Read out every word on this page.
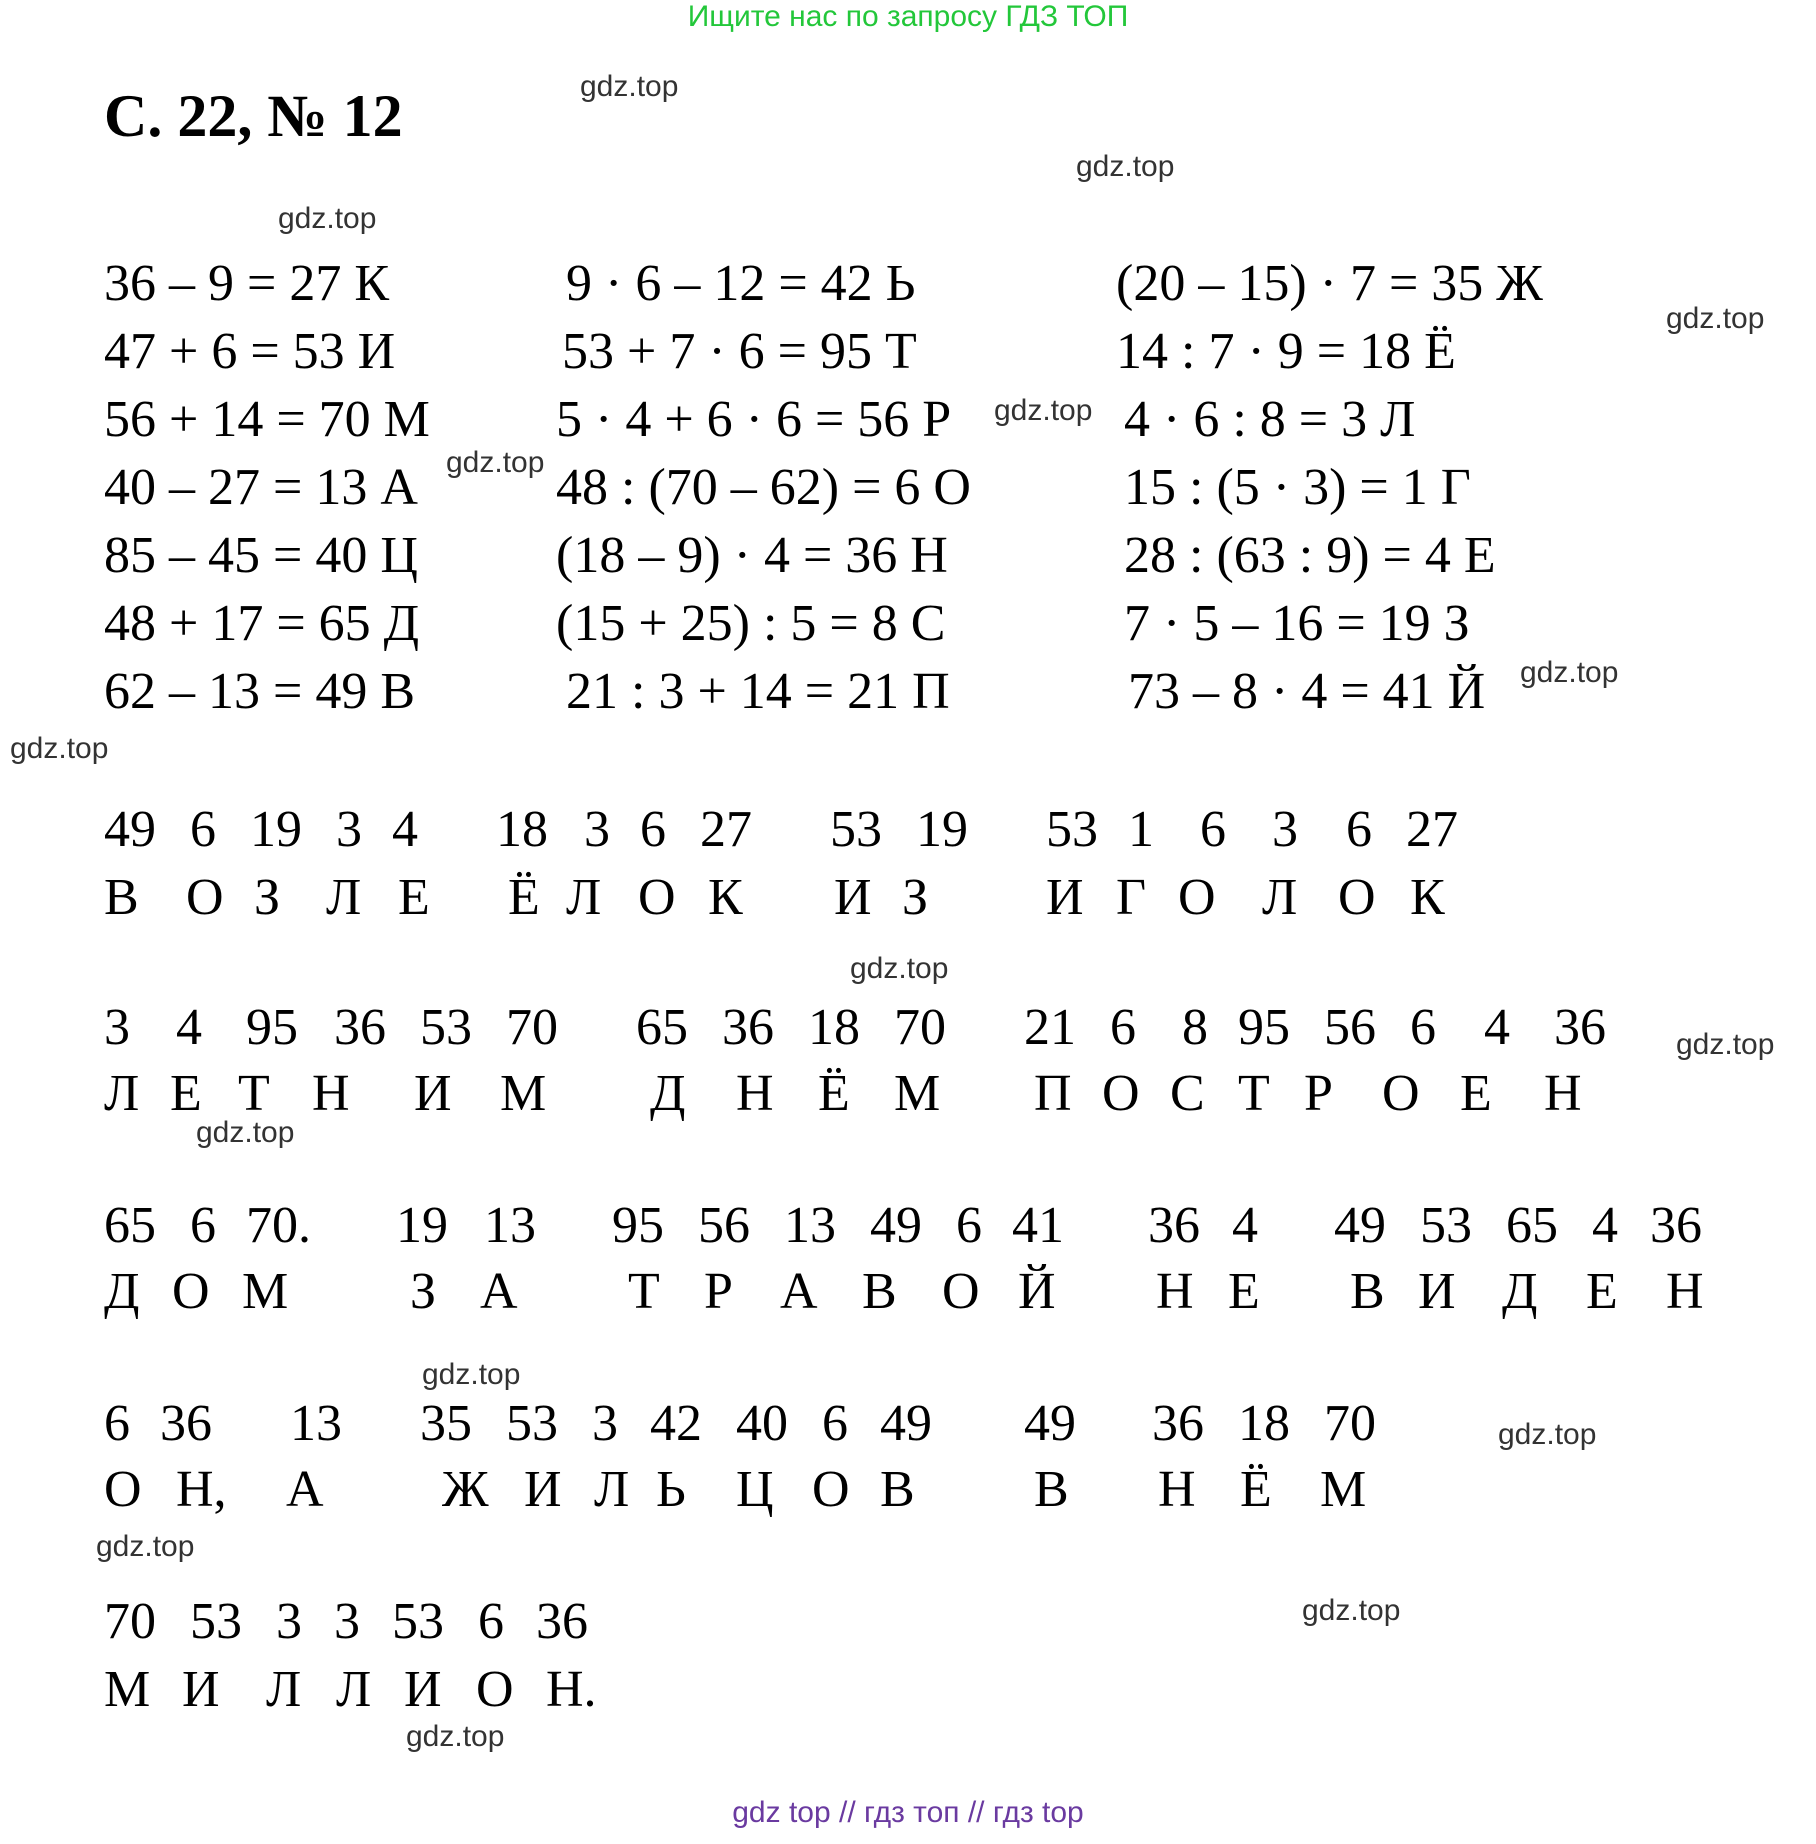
Ищите нас по запросу ГДЗ ТОП
С. 22, № 12
36 – 9 = 27 К
47 + 6 = 53 И
56 + 14 = 70 М
40 – 27 = 13 А
85 – 45 = 40 Ц
48 + 17 = 65 Д
62 – 13 = 49 В
9 · 6 – 12 = 42 Ь
53 + 7 · 6 = 95 Т
5 · 4 + 6 · 6 = 56 Р
48 : (70 – 62) = 6 О
(18 – 9) · 4 = 36 Н
(15 + 25) : 5 = 8 С
21 : 3 + 14 = 21 П
(20 – 15) · 7 = 35 Ж
14 : 7 · 9 = 18 Ё
4 · 6 : 8 = 3 Л
15 : (5 · 3) = 1 Г
28 : (63 : 9) = 4 Е
7 · 5 – 16 = 19 З
73 – 8 · 4 = 41 Й
49 6 19 3 4 18 3 6 27 53 19 53 1 6 3 6 27
В О З Л Е Ё Л О К И З И Г О Л О К
3 4 95 36 53 70 65 36 18 70 21 6 8 95 56 6 4 36
Л Е Т Н И М Д Н Ё М П О С Т Р О Е Н
65 6 70. 19 13 95 56 13 49 6 41 36 4 49 53 65 4 36
Д О М З А Т Р А В О Й Н Е В И Д Е Н
6 36 13 35 53 3 42 40 6 49 49 36 18 70
О Н, А Ж И Л Ь Ц О В В Н Ё М
70 53 3 3 53 6 36
М И Л Л И О Н.
gdz.top
gdz.top
gdz.top
gdz.top
gdz.top
gdz.top
gdz.top
gdz.top
gdz.top
gdz.top
gdz.top
gdz.top
gdz.top
gdz.top
gdz.top
gdz.top
gdz top // гдз топ // гдз top
